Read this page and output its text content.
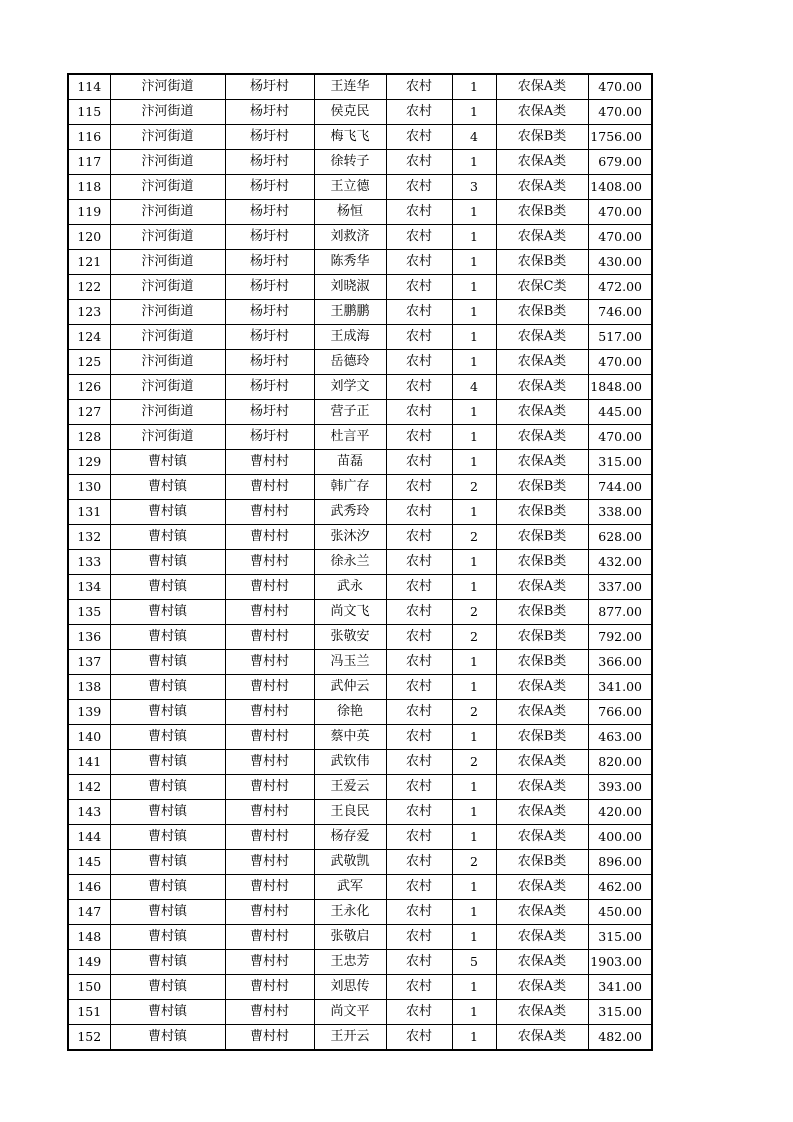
114	汴河街道	杨圩村	王连华	农村	1	农保A类	470.00
115	汴河街道	杨圩村	侯克民	农村	1	农保A类	470.00
116	汴河街道	杨圩村	梅飞飞	农村	4	农保B类	1756.00
117	汴河街道	杨圩村	徐转子	农村	1	农保A类	679.00
118	汴河街道	杨圩村	王立德	农村	3	农保A类	1408.00
119	汴河街道	杨圩村	杨恒	农村	1	农保B类	470.00
120	汴河街道	杨圩村	刘救济	农村	1	农保A类	470.00
121	汴河街道	杨圩村	陈秀华	农村	1	农保B类	430.00
122	汴河街道	杨圩村	刘晓淑	农村	1	农保C类	472.00
123	汴河街道	杨圩村	王鹏鹏	农村	1	农保B类	746.00
124	汴河街道	杨圩村	王成海	农村	1	农保A类	517.00
125	汴河街道	杨圩村	岳德玲	农村	1	农保A类	470.00
126	汴河街道	杨圩村	刘学文	农村	4	农保A类	1848.00
127	汴河街道	杨圩村	营子正	农村	1	农保A类	445.00
128	汴河街道	杨圩村	杜言平	农村	1	农保A类	470.00
129	曹村镇	曹村村	苗磊	农村	1	农保A类	315.00
130	曹村镇	曹村村	韩广存	农村	2	农保B类	744.00
131	曹村镇	曹村村	武秀玲	农村	1	农保B类	338.00
132	曹村镇	曹村村	张沐汐	农村	2	农保B类	628.00
133	曹村镇	曹村村	徐永兰	农村	1	农保B类	432.00
134	曹村镇	曹村村	武永	农村	1	农保A类	337.00
135	曹村镇	曹村村	尚文飞	农村	2	农保B类	877.00
136	曹村镇	曹村村	张敬安	农村	2	农保B类	792.00
137	曹村镇	曹村村	冯玉兰	农村	1	农保B类	366.00
138	曹村镇	曹村村	武仲云	农村	1	农保A类	341.00
139	曹村镇	曹村村	徐艳	农村	2	农保A类	766.00
140	曹村镇	曹村村	蔡中英	农村	1	农保B类	463.00
141	曹村镇	曹村村	武钦伟	农村	2	农保A类	820.00
142	曹村镇	曹村村	王爱云	农村	1	农保A类	393.00
143	曹村镇	曹村村	王良民	农村	1	农保A类	420.00
144	曹村镇	曹村村	杨存爱	农村	1	农保A类	400.00
145	曹村镇	曹村村	武敬凯	农村	2	农保B类	896.00
146	曹村镇	曹村村	武军	农村	1	农保A类	462.00
147	曹村镇	曹村村	王永化	农村	1	农保A类	450.00
148	曹村镇	曹村村	张敬启	农村	1	农保A类	315.00
149	曹村镇	曹村村	王忠芳	农村	5	农保A类	1903.00
150	曹村镇	曹村村	刘思传	农村	1	农保A类	341.00
151	曹村镇	曹村村	尚文平	农村	1	农保A类	315.00
152	曹村镇	曹村村	王开云	农村	1	农保A类	482.00
